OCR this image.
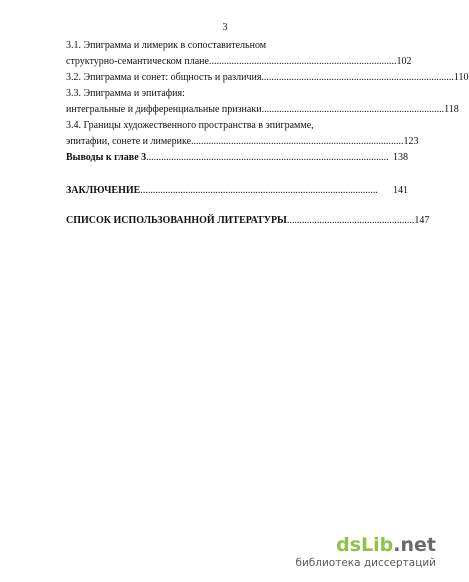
3
3.1. Эпиграмма и лимерик в сопоставительном
структурно-семантическом плане ........................................................................ ...102
3.2. Эпиграмма и сонет: общность и различия ............................................................................. 110
3.3. Эпиграмма и эпитафия:
интегральные и дифференциальные признаки ......................................................................... 118
3.4. Границы художественного пространства в эпиграмме,
эпитафии, сонете и лимерике ..................................................................................... 123
Выводы к главе 3 ................................................................................................. 138
ЗАКЛЮЧЕНИЕ ...............................................................................................	141
СПИСОК ИСПОЛЬЗОВАННОЙ ЛИТЕРАТУРЫ ................................................... 147
dsLib.net
библиотека диссертаций
